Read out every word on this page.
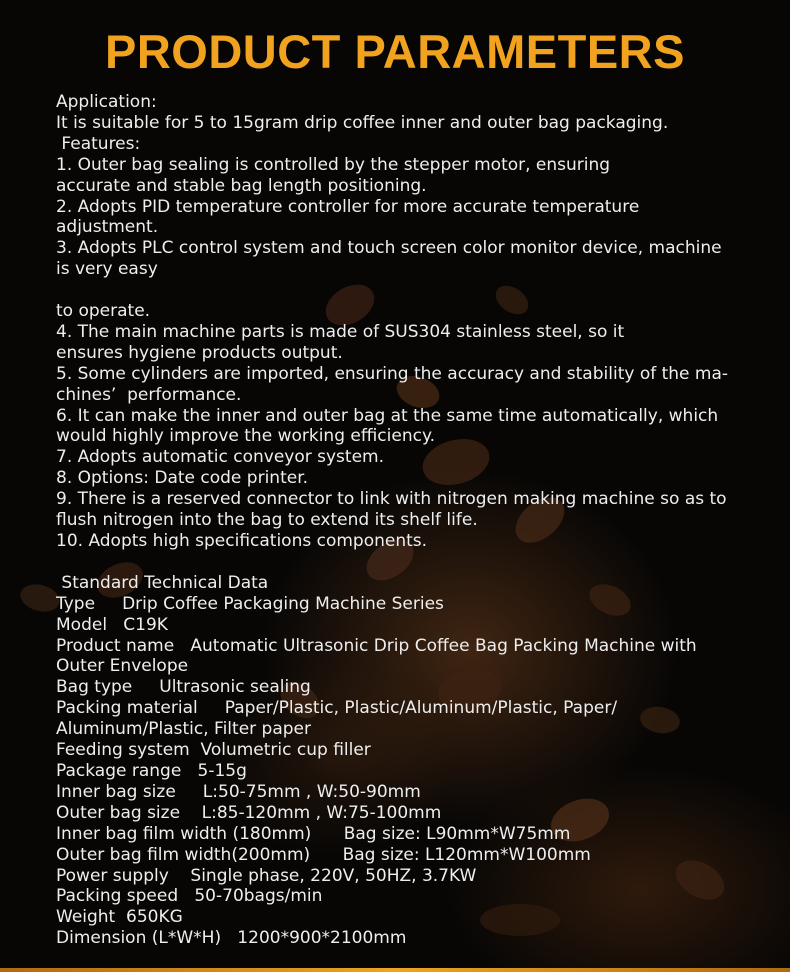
PRODUCT PARAMETERS
Application:
It is suitable for 5 to 15gram drip coffee inner and outer bag packaging.
Features:
1. Outer bag sealing is controlled by the stepper motor, ensuring
accurate and stable bag length positioning.
2. Adopts PID temperature controller for more accurate temperature
adjustment.
3. Adopts PLC control system and touch screen color monitor device, machine
is very easy
to operate.
4. The main machine parts is made of SUS304 stainless steel, so it
ensures hygiene products output.
5. Some cylinders are imported, ensuring the accuracy and stability of the ma-
chines’  performance.
6. It can make the inner and outer bag at the same time automatically, which
would highly improve the working efficiency.
7. Adopts automatic conveyor system.
8. Options: Date code printer.
9. There is a reserved connector to link with nitrogen making machine so as to
flush nitrogen into the bag to extend its shelf life.
10. Adopts high specifications components.
Standard Technical Data
Type     Drip Coffee Packaging Machine Series
Model   C19K
Product name   Automatic Ultrasonic Drip Coffee Bag Packing Machine with
Outer Envelope
Bag type     Ultrasonic sealing
Packing material     Paper/Plastic, Plastic/Aluminum/Plastic, Paper/
Aluminum/Plastic, Filter paper
Feeding system  Volumetric cup filler
Package range   5-15g
Inner bag size     L:50-75mm , W:50-90mm
Outer bag size    L:85-120mm , W:75-100mm
Inner bag film width (180mm)      Bag size: L90mm*W75mm
Outer bag film width(200mm)      Bag size: L120mm*W100mm
Power supply    Single phase, 220V, 50HZ, 3.7KW
Packing speed   50-70bags/min
Weight  650KG
Dimension (L*W*H)   1200*900*2100mm
